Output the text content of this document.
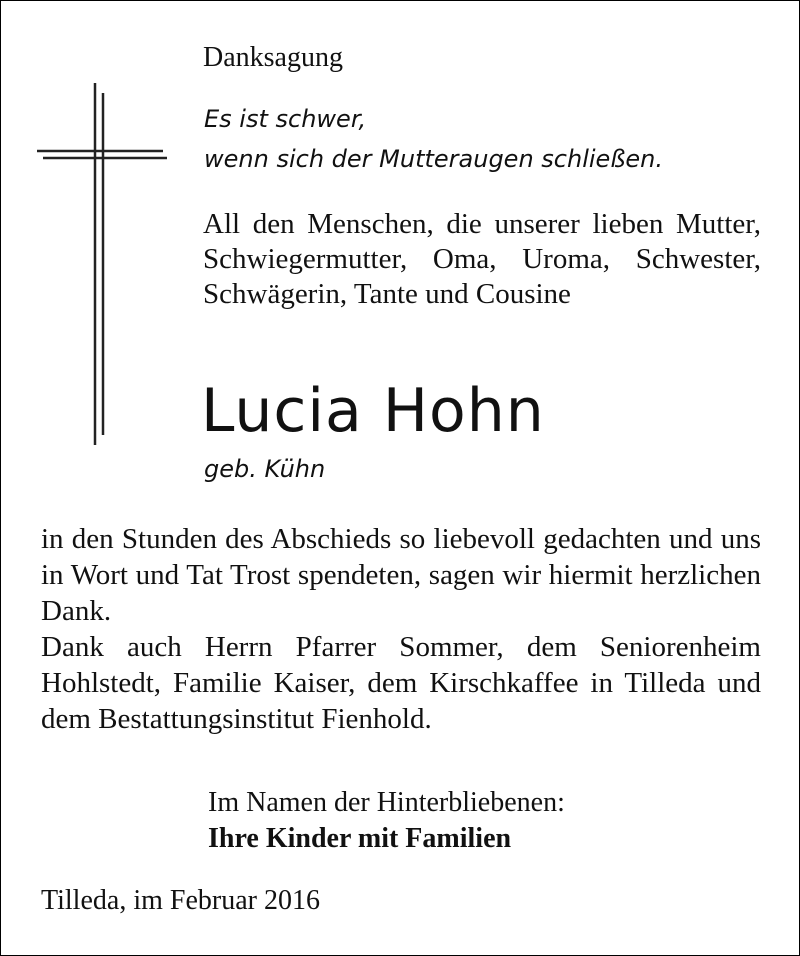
Danksagung
Es ist schwer,
wenn sich der Mutteraugen schließen.
All den Menschen, die unserer lieben Mutter, Schwiegermutter, Oma, Uroma, Schwester, Schwägerin, Tante und Cousine
Lucia Hohn
geb. Kühn

in den Stunden des Abschieds so liebevoll gedachten und uns in Wort und Tat Trost spendeten, sagen wir hiermit herzlichen Dank.

Dank auch Herrn Pfarrer Sommer, dem Seniorenheim Hohlstedt, Familie Kaiser, dem Kirschkaffee in Tilleda und dem Bestattungsinstitut Fienhold.

Im Namen der Hinterbliebenen:
Ihre Kinder mit Familien
Tilleda, im Februar 2016
